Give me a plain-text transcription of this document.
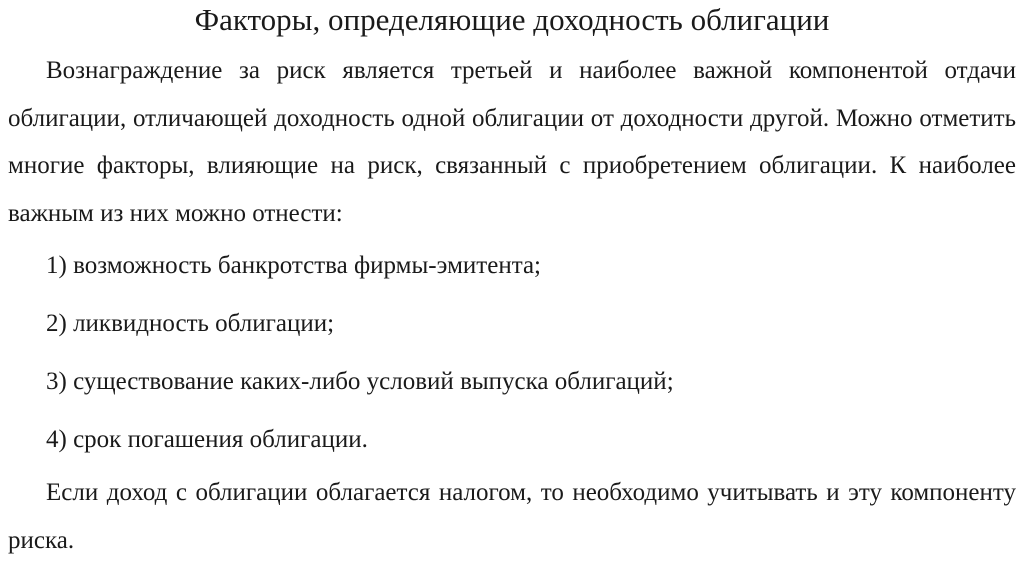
Факторы, определяющие доходность облигации

Вознаграждение за риск является третьей и наиболее важной компонентой отдачи облигации, отличающей доходность одной облигации от доходности другой. Можно отметить многие факторы, влияющие на риск, связанный с приобретением облигации. К наиболее важным из них можно отнести:

1) возможность банкротства фирмы-эмитента;

2) ликвидность облигации;

3) существование каких-либо условий выпуска облигаций;

4) срок погашения облигации.

Если доход с облигации облагается налогом, то необходимо учитывать и эту компоненту риска.
